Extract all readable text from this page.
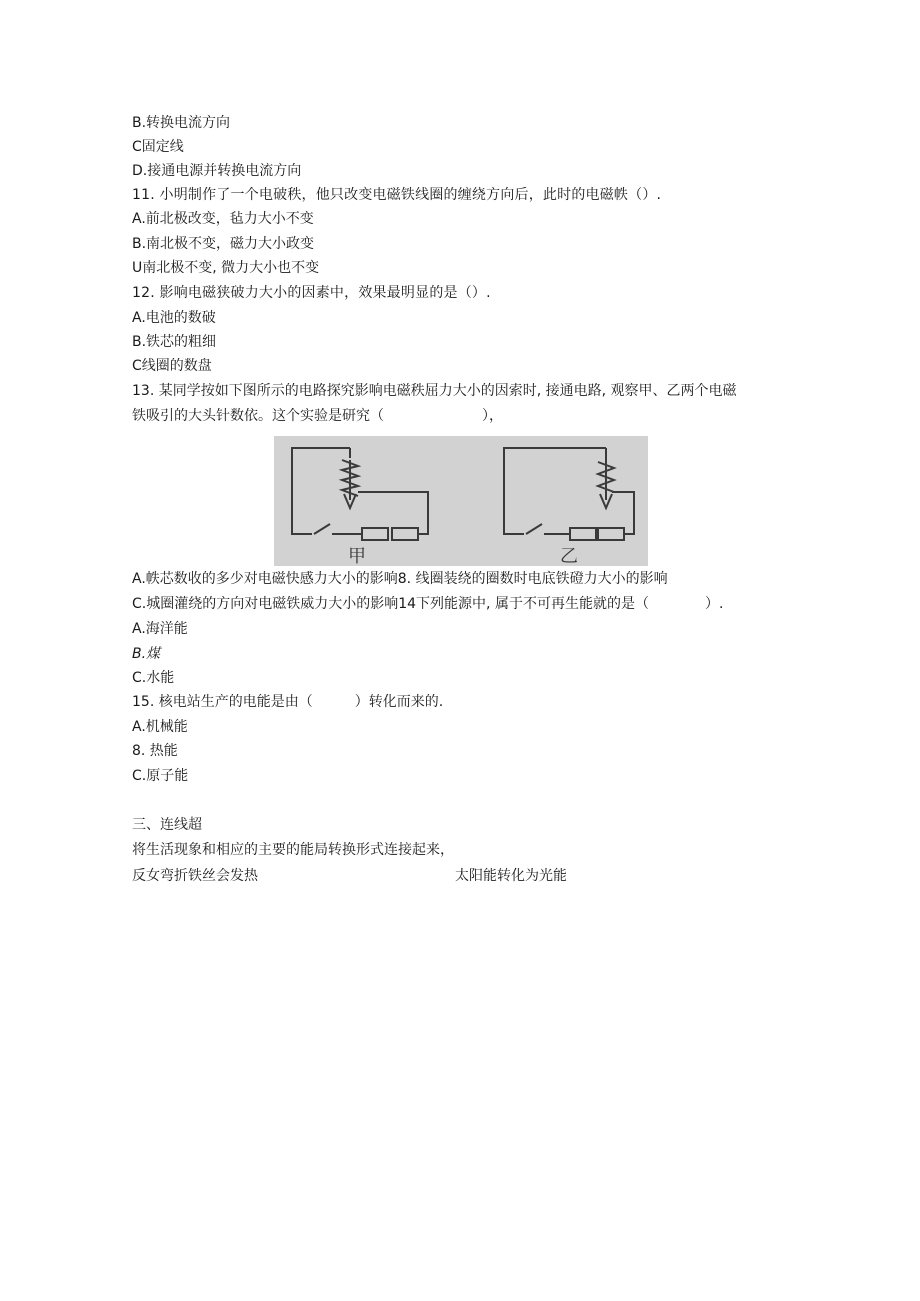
B.转换电流方向
C固定线
D.接通电源并转换电流方向
11. 小明制作了一个电破秩，他只改变电磁铁线圈的缠绕方向后，此时的电磁帙（）.
A.前北极改变，毡力大小不变
B.南北极不变，磁力大小政变
U南北极不变, 微力大小也不变
12. 影响电磁狭破力大小的因素中，效果最明显的是（）.
A.电池的数破
B.铁芯的粗细
C线圈的数盘
13. 某同学按如下图所示的电路探究影响电磁秩屈力大小的因索时, 接通电路, 观察甲、乙两个电磁
铁吸引的大头针数依。这个实验是研究（　　　　　　　），
甲	乙
A.帙芯数收的多少对电磁快感力大小的影响8. 线圈装绕的圈数时电底铁磴力大小的影响
C.城圈灌绕的方向对电磁铁威力大小的影响14下列能源中, 属于不可再生能就的是（　　　　）.
A.海洋能
B.煤
C.水能
15. 核电站生产的电能是由（　　　）转化而来的.
A.机械能
8. 热能
C.原子能
三、连线超
将生活现象和相应的主要的能局转换形式连接起来，
反女弯折铁丝会发热	太阳能转化为光能
